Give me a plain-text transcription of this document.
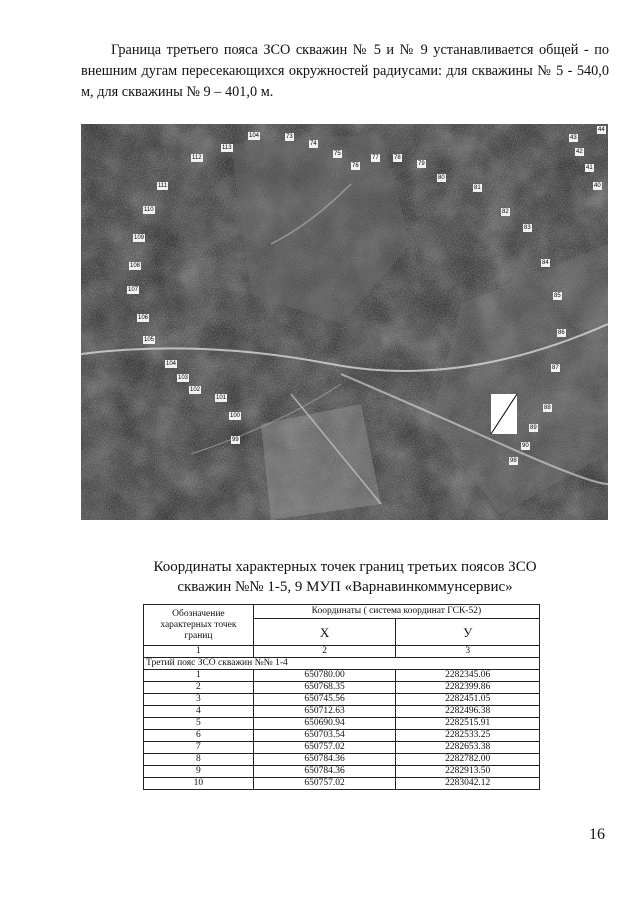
Граница третьего пояса ЗСО скважин № 5 и № 9 устанавливается общей - по внешним дугам пересекающихся окружностей радиусами: для скважины № 5 - 540,0 м, для скважины № 9 – 401,0 м.
104	73
74
75
76
77	78
79
80
81
82
83
84
85
86
87
88
89
90
98
99
100
101
102
103
104
105
106
107
108
109
110
111
112
113
40
41
42
43
44
Координаты характерных точек границ третьих поясов ЗСО
скважин №№ 1-5, 9 МУП «Варнавинкоммунсервис»
Обозначение характерных точек границ	Координаты ( система координат ГСК-52)	
	Х	У
1	2	3
Третий пояс ЗСО скважин №№ 1-4		
1	650780.00	2282345.06
2	650768.35	2282399.86
3	650745.56	2282451.05
4	650712.63	2282496.38
5	650690.94	2282515.91
6	650703.54	2282533.25
7	650757.02	2282653.38
8	650784.36	2282782.00
9	650784.36	2282913.50
10	650757.02	2283042.12
16
